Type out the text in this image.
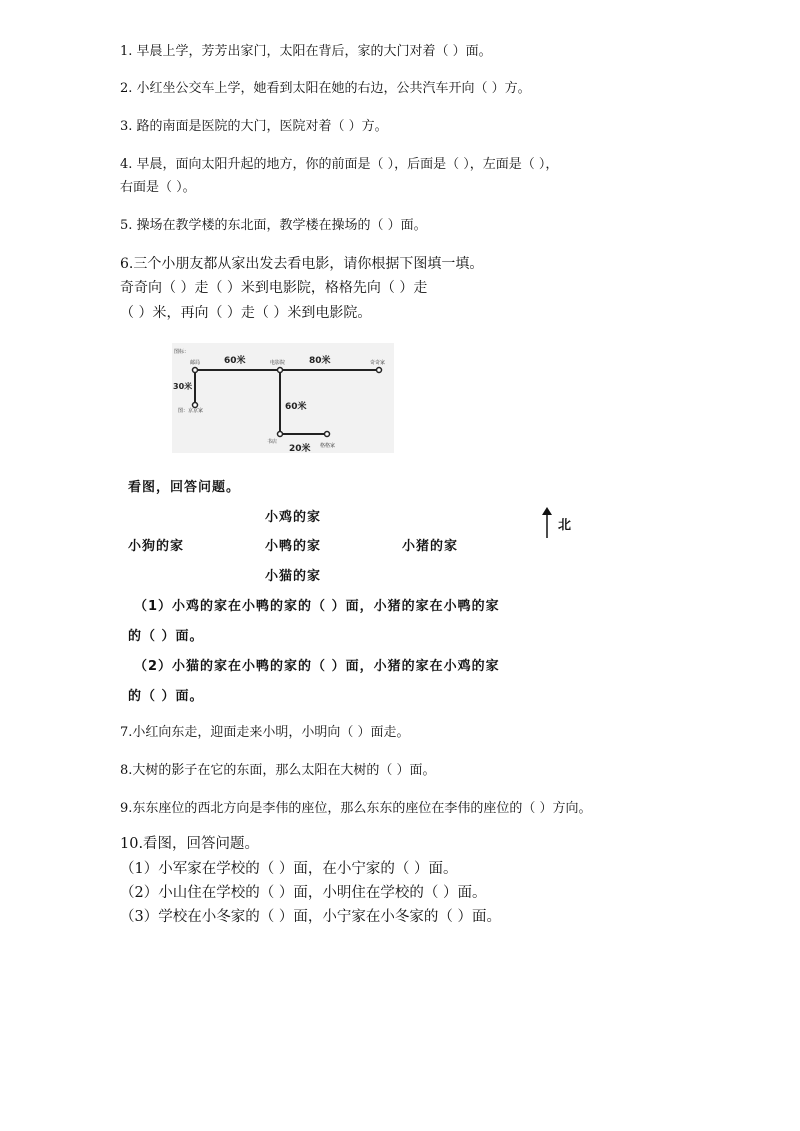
1. 早晨上学，芳芳出家门，太阳在背后，家的大门对着（ ）面。
2. 小红坐公交车上学，她看到太阳在她的右边，公共汽车开向（ ）方。
3. 路的南面是医院的大门，医院对着（ ）方。
4. 早晨，面向太阳升起的地方，你的前面是（ ），后面是（ ），左面是（ ），
右面是（ ）。
5. 操场在教学楼的东北面，教学楼在操场的（ ）面。
6.三个小朋友都从家出发去看电影，请你根据下图填一填。
奇奇向（ ）走（ ）米到电影院，格格先向（ ）走
（ ）米，再向（ ）走（ ）米到电影院。
图标：
邮局	电影院	奇奇家
60米	80米
30米
图：京京家	60米
书店
20米 格格家
看图，回答问题。
小鸡的家
小狗的家	小鸭的家	小猪的家
小猫的家
北
（1）小鸡的家在小鸭的家的（ ）面，小猪的家在小鸭的家
的（ ）面。
（2）小猫的家在小鸭的家的（ ）面，小猪的家在小鸡的家
的（ ）面。
7.小红向东走，迎面走来小明，小明向（ ）面走。
8.大树的影子在它的东面，那么太阳在大树的（ ）面。
9.东东座位的西北方向是李伟的座位，那么东东的座位在李伟的座位的（ ）方向。
10.看图，回答问题。
（1）小军家在学校的（ ）面，在小宁家的（ ）面。
（2）小山住在学校的（ ）面，小明住在学校的（ ）面。
（3）学校在小冬家的（ ）面，小宁家在小冬家的（ ）面。
